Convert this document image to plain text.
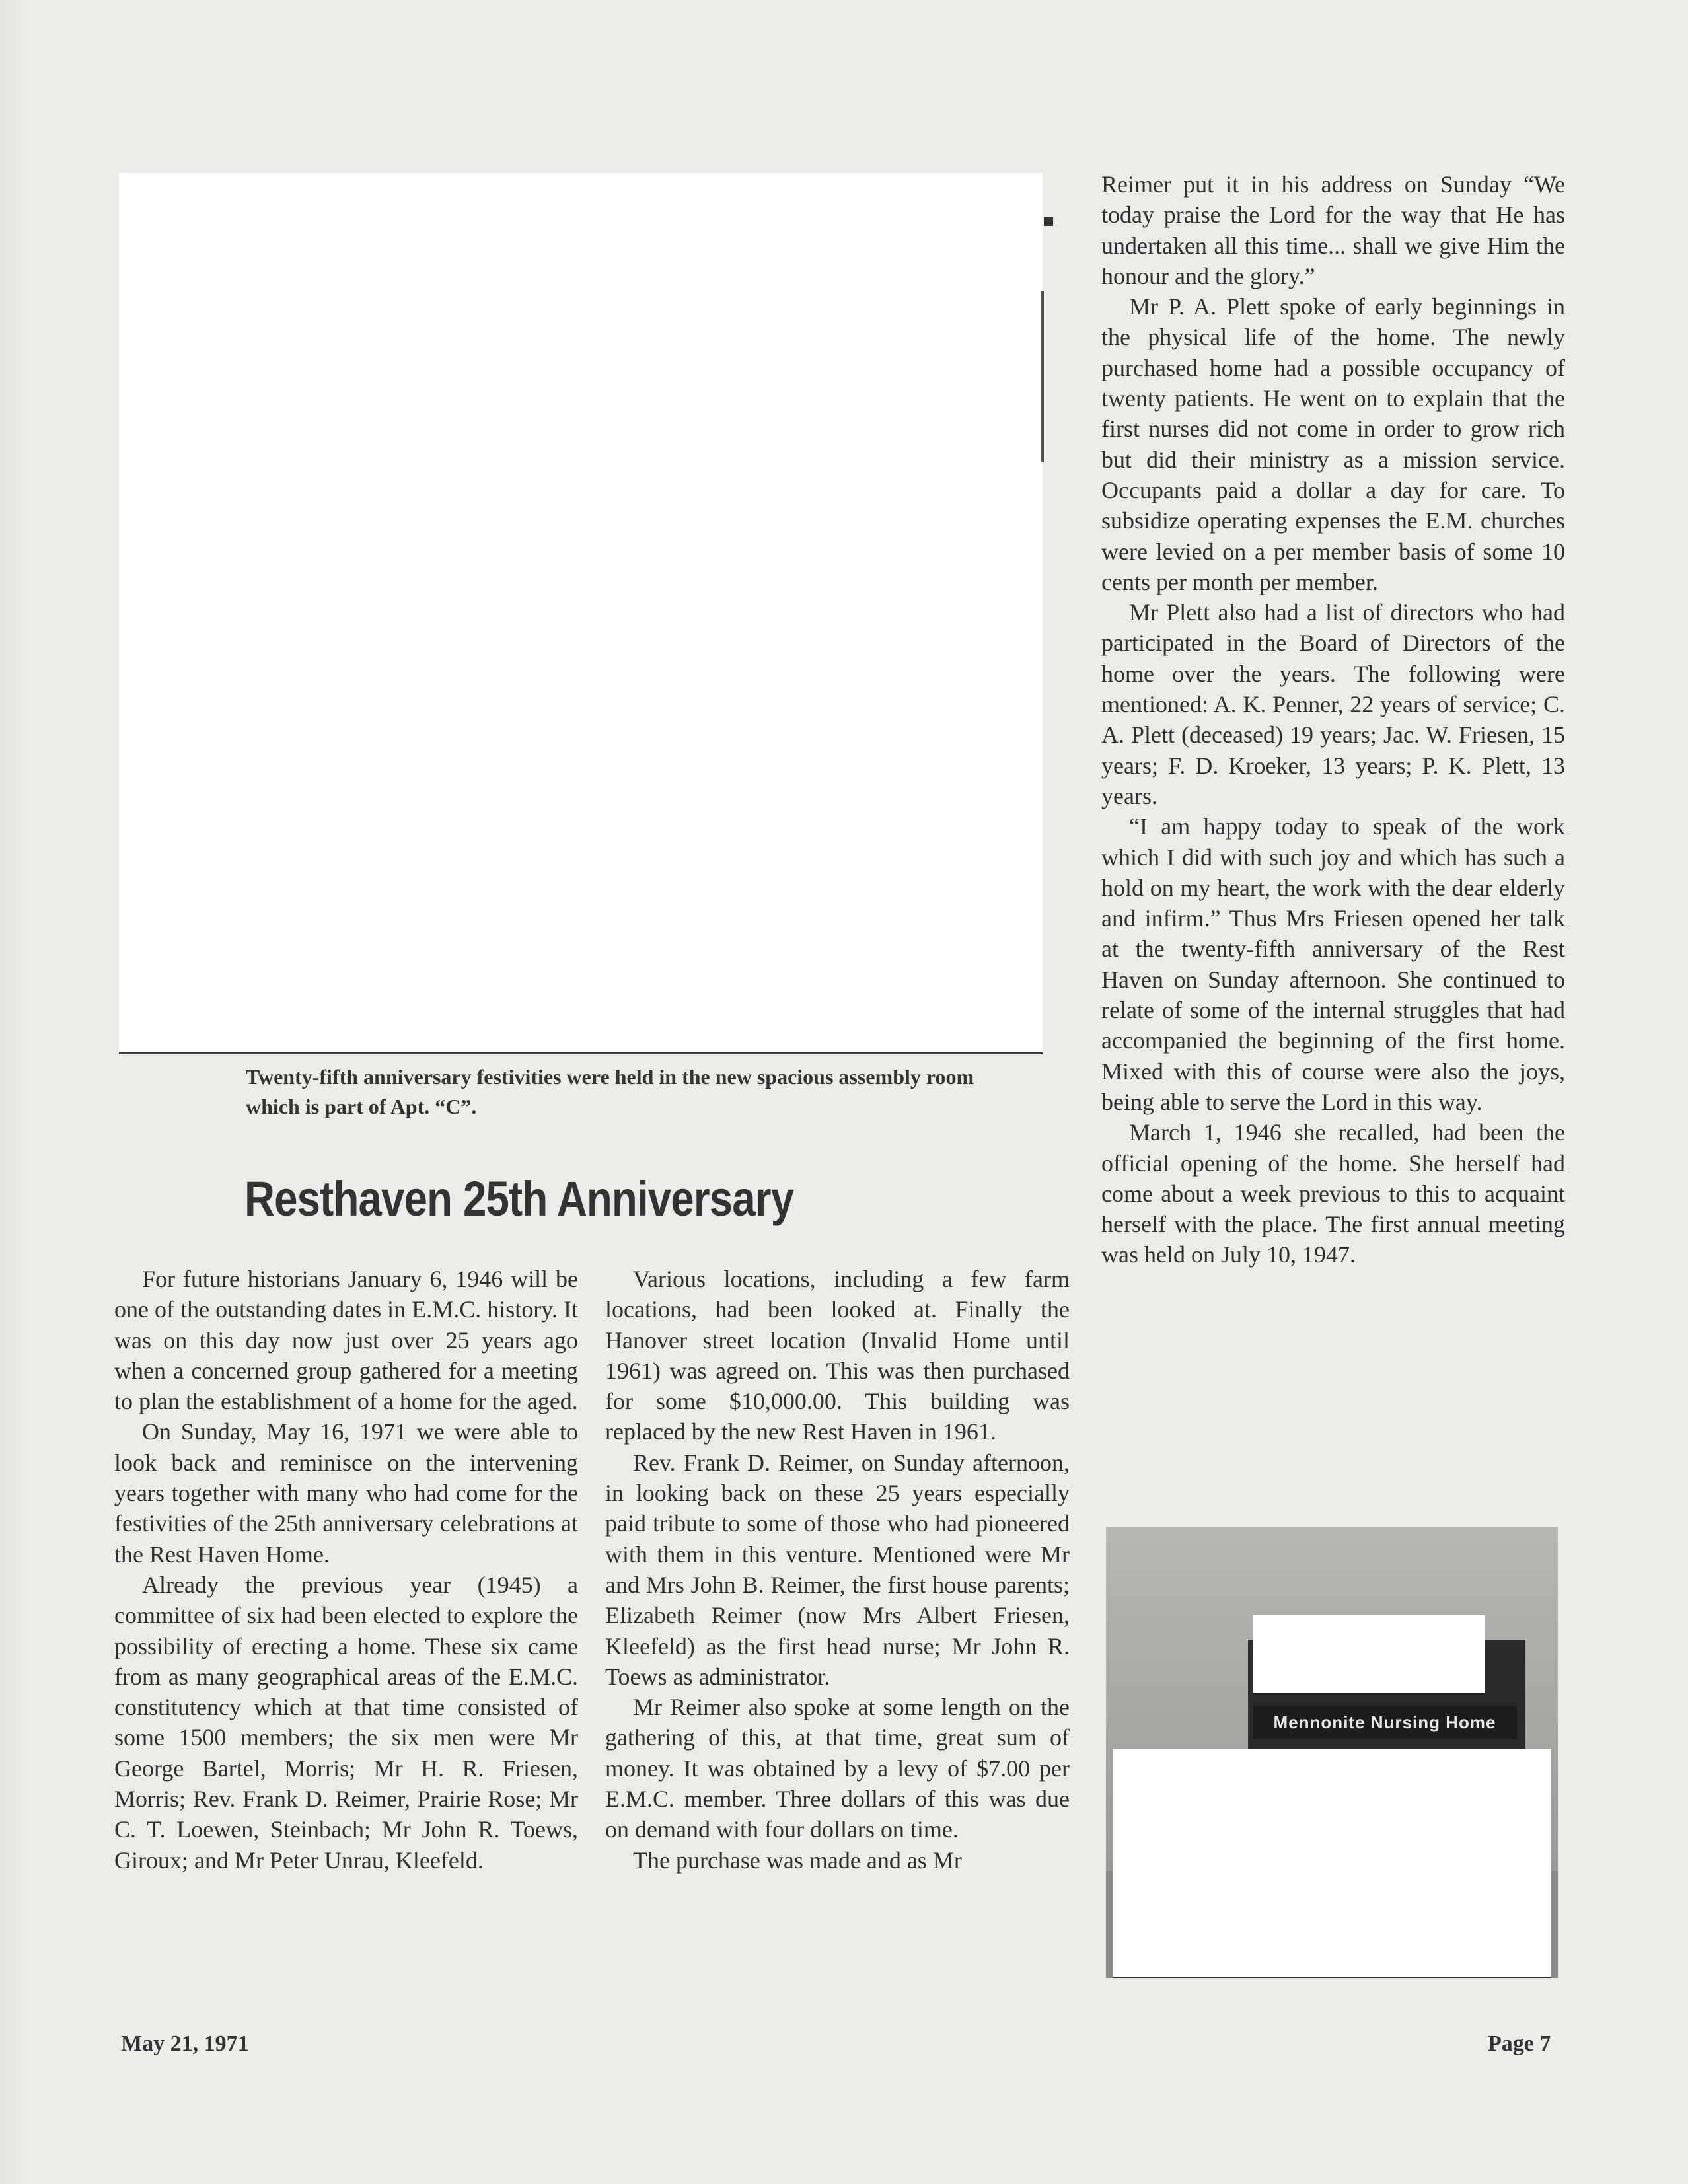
Twenty-fifth anniversary festivities were held in the new spacious assembly room which is part of Apt. “C”.
Resthaven 25th Anniversary

For future historians January 6, 1946 will be one of the outstanding dates in E.M.C. history. It was on this day now just over 25 years ago when a concerned group gathered for a meeting to plan the establishment of a home for the aged.

On Sunday, May 16, 1971 we were able to look back and reminisce on the intervening years together with many who had come for the festivities of the 25th anniversary celebrations at the Rest Haven Home.

Already the previous year (1945) a committee of six had been elected to explore the possibility of erecting a home. These six came from as many geographical areas of the E.M.C. constitutency which at that time consisted of some 1500 members; the six men were Mr George Bartel, Morris; Mr H. R. Friesen, Morris; Rev. Frank D. Reimer, Prairie Rose; Mr C. T. Loewen, Steinbach; Mr John R. Toews, Giroux; and Mr Peter Unrau, Kleefeld.

Various locations, including a few farm locations, had been looked at. Finally the Hanover street location (Invalid Home until 1961) was agreed on. This was then purchased for some $10,000.00. This building was replaced by the new Rest Haven in 1961.

Rev. Frank D. Reimer, on Sunday afternoon, in looking back on these 25 years especially paid tribute to some of those who had pioneered with them in this venture. Mentioned were Mr and Mrs John B. Reimer, the first house parents; Elizabeth Reimer (now Mrs Albert Friesen, Kleefeld) as the first head nurse; Mr John R. Toews as administrator.

Mr Reimer also spoke at some length on the gathering of this, at that time, great sum of money. It was obtained by a levy of $7.00 per E.M.C. member. Three dollars of this was due on demand with four dollars on time.

The purchase was made and as Mr

Reimer put it in his address on Sunday “We today praise the Lord for the way that He has undertaken all this time... shall we give Him the honour and the glory.”

Mr P. A. Plett spoke of early beginnings in the physical life of the home. The newly purchased home had a possible occupancy of twenty patients. He went on to explain that the first nurses did not come in order to grow rich but did their ministry as a mission service. Occupants paid a dollar a day for care. To subsidize operating expenses the E.M. churches were levied on a per member basis of some 10 cents per month per member.

Mr Plett also had a list of directors who had participated in the Board of Directors of the home over the years. The following were mentioned: A. K. Penner, 22 years of service; C. A. Plett (deceased) 19 years; Jac. W. Friesen, 15 years; F. D. Kroeker, 13 years; P. K. Plett, 13 years.

“I am happy today to speak of the work which I did with such joy and which has such a hold on my heart, the work with the dear elderly and infirm.” Thus Mrs Friesen opened her talk at the twenty-fifth anniversary of the Rest Haven on Sunday afternoon. She continued to relate of some of the internal struggles that had accompanied the beginning of the first home. Mixed with this of course were also the joys, being able to serve the Lord in this way.

March 1, 1946 she recalled, had been the official opening of the home. She herself had come about a week previous to this to acquaint herself with the place. The first annual meeting was held on July 10, 1947.

Mennonite Nursing Home
May 21, 1971	Page 7
